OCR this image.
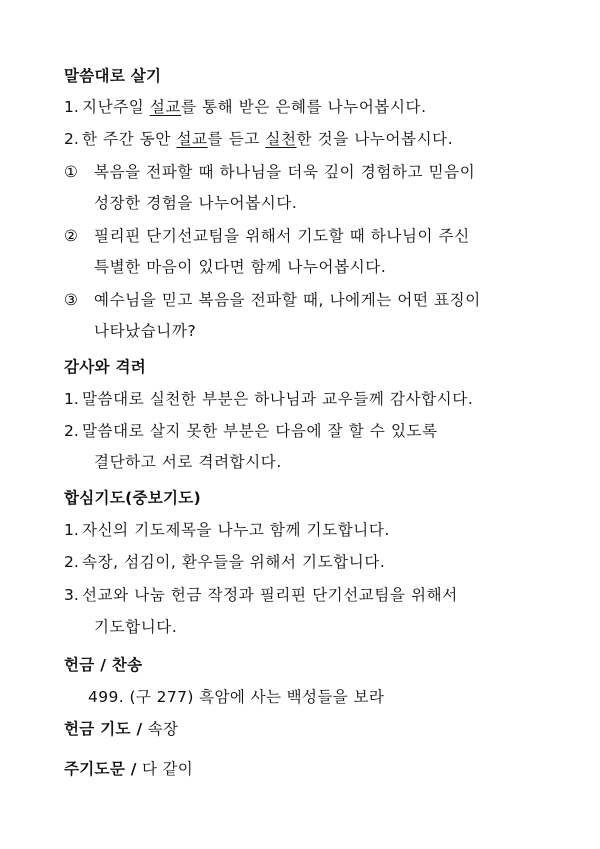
말씀대로 살기
1. 지난주일 설교를 통해 받은 은혜를 나누어봅시다.
2. 한 주간 동안 설교를 듣고 실천한 것을 나누어봅시다.
① 복음을 전파할 때 하나님을 더욱 깊이 경험하고 믿음이
성장한 경험을 나누어봅시다.
② 필리핀 단기선교팀을 위해서 기도할 때 하나님이 주신
특별한 마음이 있다면 함께 나누어봅시다.
③ 예수님을 믿고 복음을 전파할 때, 나에게는 어떤 표징이
나타났습니까?
감사와 격려
1. 말씀대로 실천한 부분은 하나님과 교우들께 감사합시다.
2. 말씀대로 살지 못한 부분은 다음에 잘 할 수 있도록
결단하고 서로 격려합시다.
합심기도(중보기도)
1. 자신의 기도제목을 나누고 함께 기도합니다.
2. 속장, 섬김이, 환우들을 위해서 기도합니다.
3. 선교와 나눔 헌금 작정과 필리핀 단기선교팀을 위해서
기도합니다.
헌금 / 찬송
499. (구 277) 흑암에 사는 백성들을 보라
헌금 기도 / 속장
주기도문 / 다 같이
